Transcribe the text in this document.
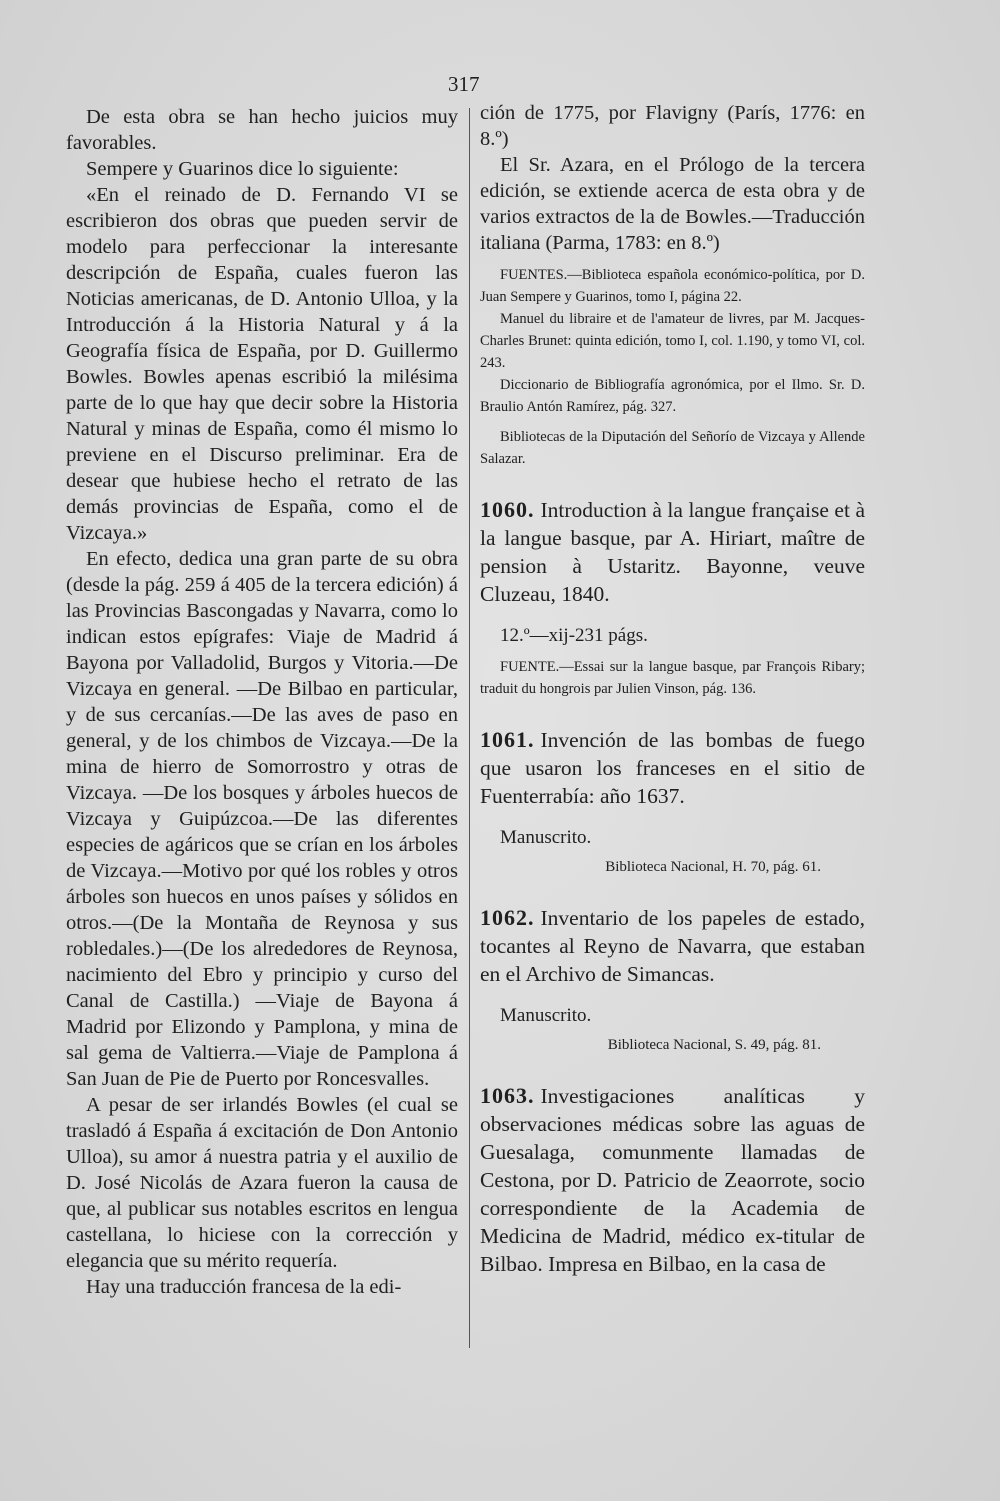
317

De esta obra se han hecho juicios muy favorables.

Sempere y Guarinos dice lo siguiente:

«En el reinado de D. Fernando VI se escribieron dos obras que pueden servir de modelo para perfeccionar la interesante descripción de España, cuales fueron las Noticias americanas, de D. Antonio Ulloa, y la Introducción á la Historia Natural y á la Geografía física de España, por D. Guillermo Bowles. Bowles apenas escribió la milésima parte de lo que hay que decir sobre la Historia Natural y minas de España, como él mismo lo previene en el Discurso preliminar. Era de desear que hubiese hecho el retrato de las demás provincias de España, como el de Vizcaya.»

En efecto, dedica una gran parte de su obra (desde la pág. 259 á 405 de la tercera edición) á las Provincias Bascongadas y Navarra, como lo indican estos epígrafes: Viaje de Madrid á Bayona por Valladolid, Burgos y Vitoria.—De Vizcaya en general. —De Bilbao en particular, y de sus cercanías.—De las aves de paso en general, y de los chimbos de Vizcaya.—De la mina de hierro de Somorrostro y otras de Vizcaya. —De los bosques y árboles huecos de Vizcaya y Guipúzcoa.—De las diferentes especies de agáricos que se crían en los árboles de Vizcaya.—Motivo por qué los robles y otros árboles son huecos en unos países y sólidos en otros.—(De la Montaña de Reynosa y sus robledales.)—(De los alrededores de Reynosa, nacimiento del Ebro y principio y curso del Canal de Castilla.) —Viaje de Bayona á Madrid por Elizondo y Pamplona, y mina de sal gema de Valtierra.—Viaje de Pamplona á San Juan de Pie de Puerto por Roncesvalles.

A pesar de ser irlandés Bowles (el cual se trasladó á España á excitación de Don Antonio Ulloa), su amor á nuestra patria y el auxilio de D. José Nicolás de Azara fueron la causa de que, al publicar sus notables escritos en lengua castellana, lo hiciese con la corrección y elegancia que su mérito requería.

Hay una traducción francesa de la edi-

ción de 1775, por Flavigny (París, 1776: en 8.º)

El Sr. Azara, en el Prólogo de la tercera edición, se extiende acerca de esta obra y de varios extractos de la de Bowles.—Traducción italiana (Parma, 1783: en 8.º)

FUENTES.—Biblioteca española económico-política, por D. Juan Sempere y Guarinos, tomo I, página 22.

Manuel du libraire et de l'amateur de livres, par M. Jacques-Charles Brunet: quinta edición, tomo I, col. 1.190, y tomo VI, col. 243.

Diccionario de Bibliografía agronómica, por el Ilmo. Sr. D. Braulio Antón Ramírez, pág. 327.

Bibliotecas de la Diputación del Señorío de Vizcaya y Allende Salazar.

1060. Introduction à la langue française et à la langue basque, par A. Hiriart, maître de pension à Ustaritz. Bayonne, veuve Cluzeau, 1840.

12.º—xij-231 págs.

FUENTE.—Essai sur la langue basque, par François Ribary; traduit du hongrois par Julien Vinson, pág. 136.

1061. Invención de las bombas de fuego que usaron los franceses en el sitio de Fuenterrabía: año 1637.

Manuscrito.

Biblioteca Nacional, H. 70, pág. 61.

1062. Inventario de los papeles de estado, tocantes al Reyno de Navarra, que estaban en el Archivo de Simancas.

Manuscrito.

Biblioteca Nacional, S. 49, pág. 81.

1063. Investigaciones analíticas y observaciones médicas sobre las aguas de Guesalaga, comunmente llamadas de Cestona, por D. Patricio de Zeaorrote, socio correspondiente de la Academia de Medicina de Madrid, médico ex-titular de Bilbao. Impresa en Bilbao, en la casa de
